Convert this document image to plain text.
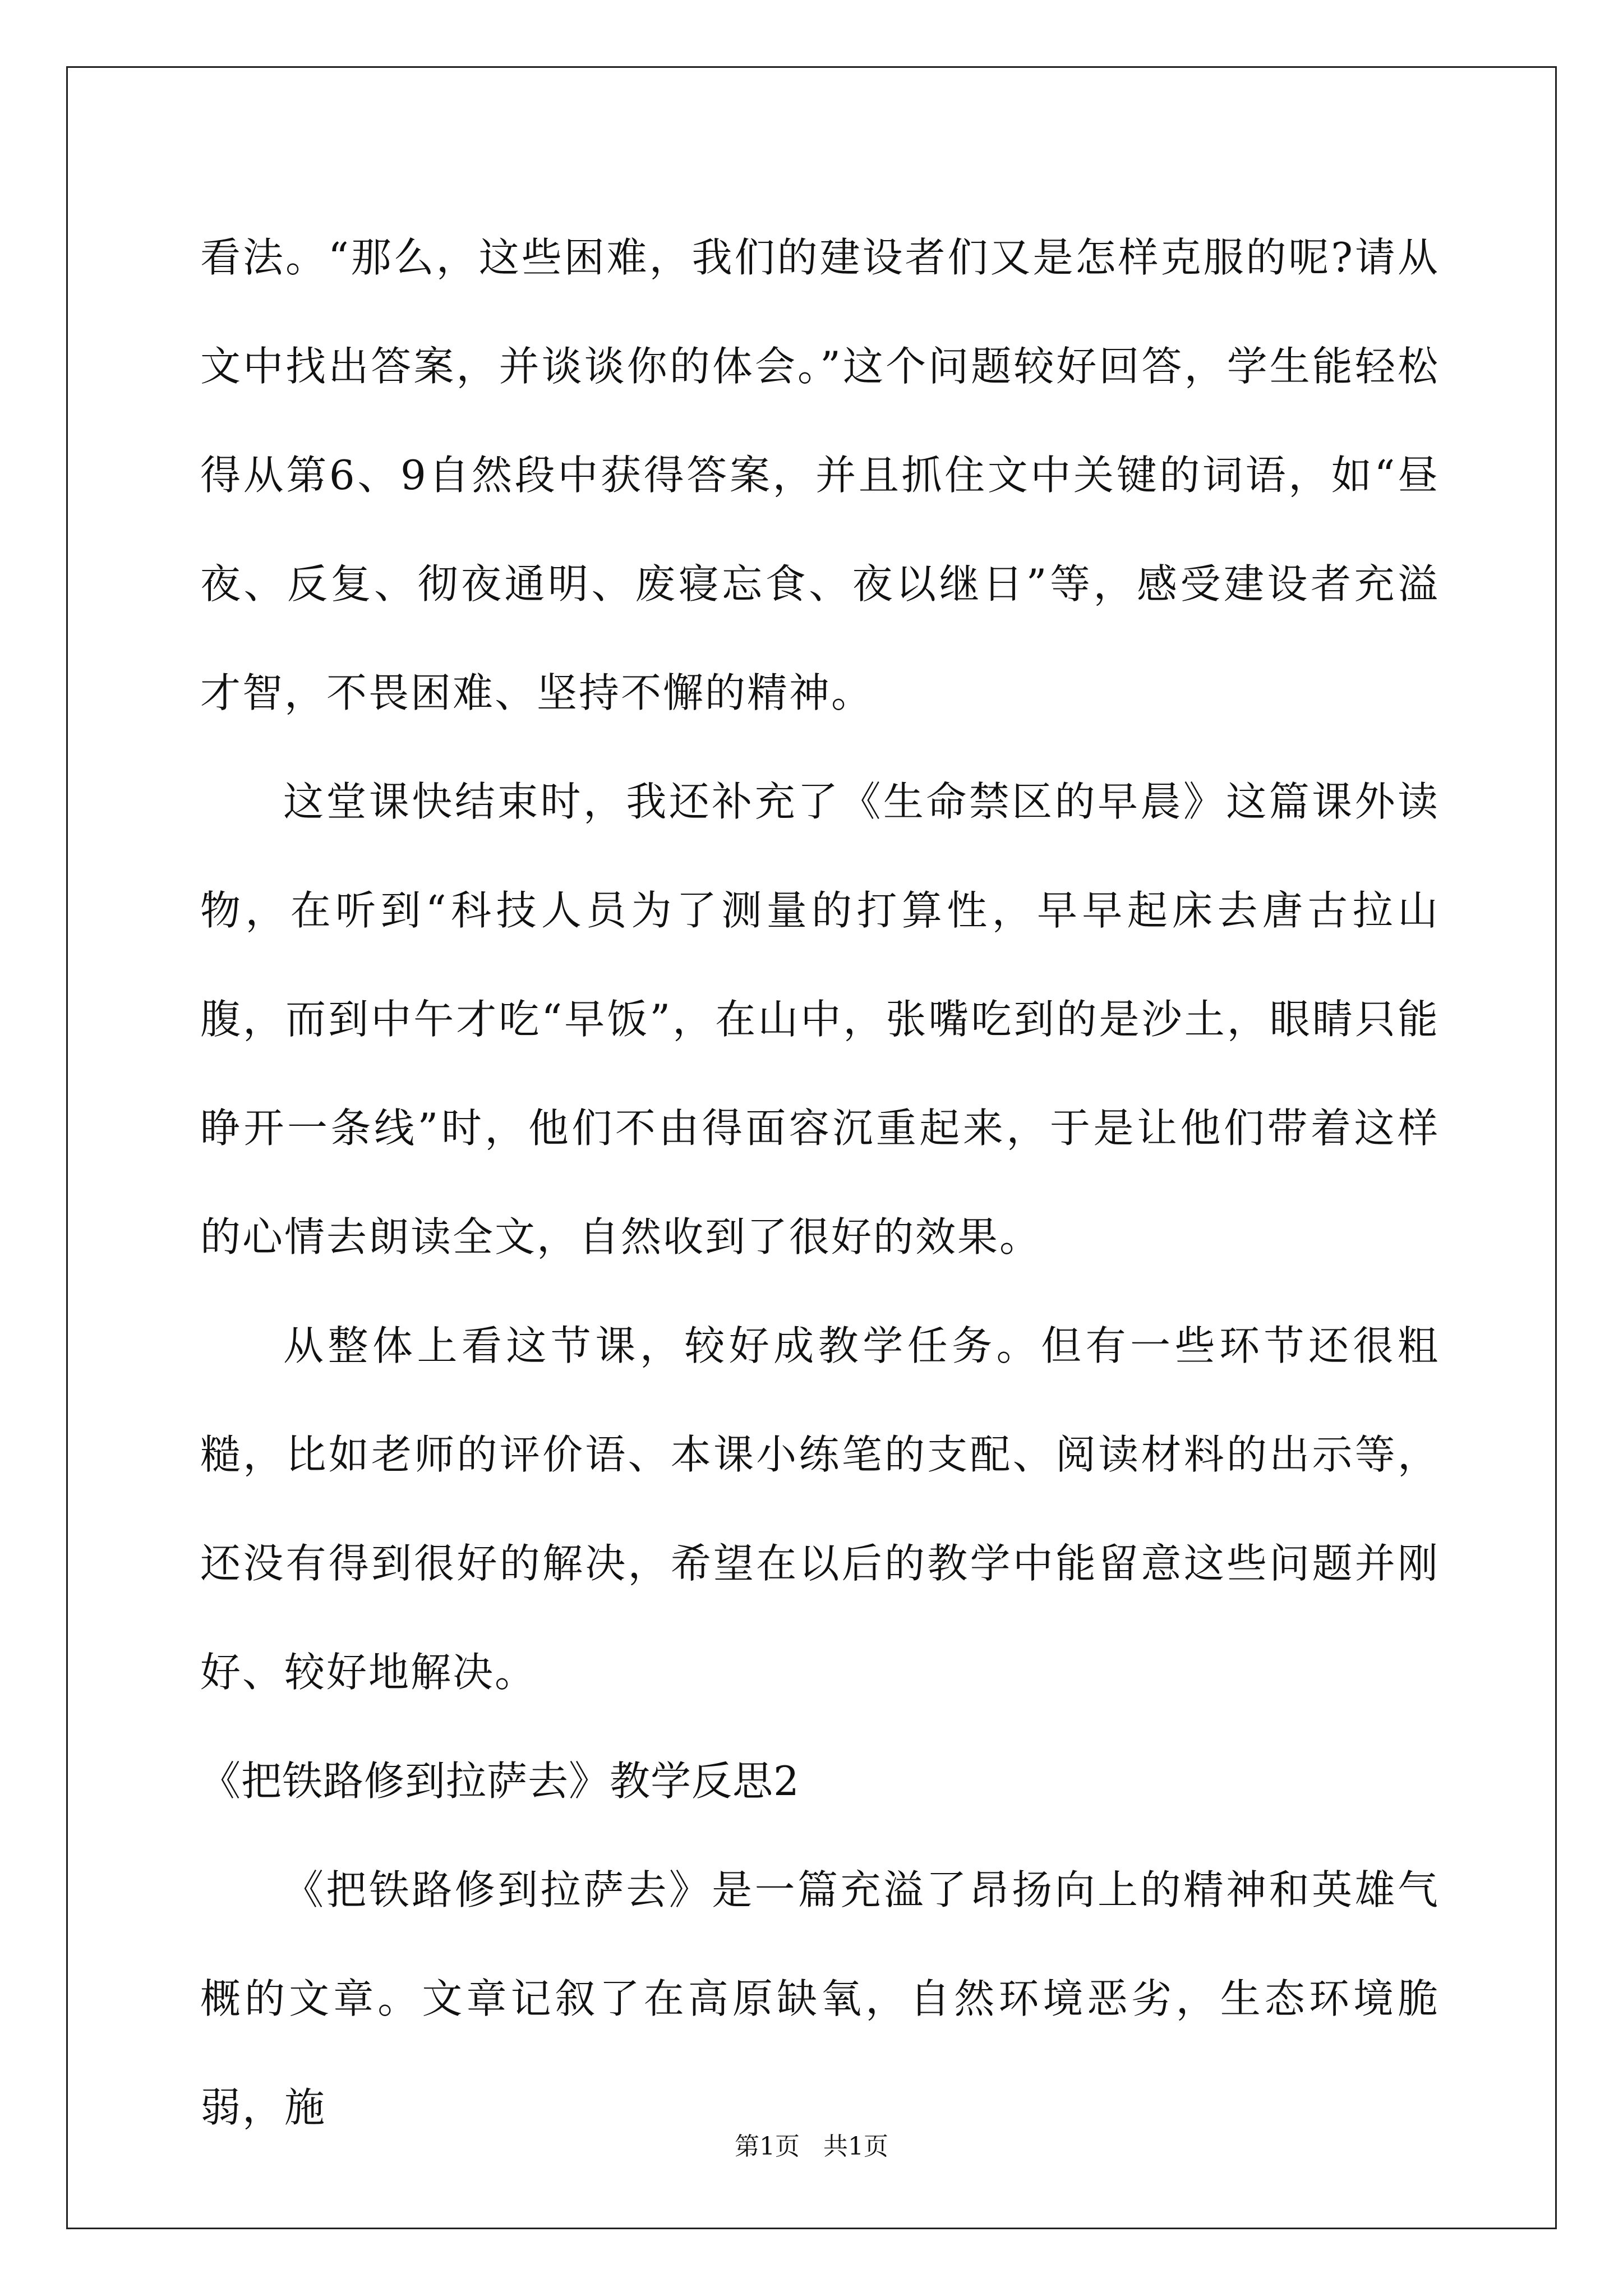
看法。“那么，这些困难，我们的建设者们又是怎样克服的呢?请从文中找出答案，并谈谈你的体会。”这个问题较好回答，学生能轻松得从第6、9自然段中获得答案，并且抓住文中关键的词语，如“昼夜、反复、彻夜通明、废寝忘食、夜以继日”等，感受建设者充溢才智，不畏困难、坚持不懈的精神。

这堂课快结束时，我还补充了《生命禁区的早晨》这篇课外读物，在听到“科技人员为了测量的打算性，早早起床去唐古拉山腹，而到中午才吃“早饭”，在山中，张嘴吃到的是沙土，眼睛只能睁开一条线”时，他们不由得面容沉重起来，于是让他们带着这样的心情去朗读全文，自然收到了很好的效果。

从整体上看这节课，较好成教学任务。但有一些环节还很粗糙，比如老师的评价语、本课小练笔的支配、阅读材料的出示等，还没有得到很好的解决，希望在以后的教学中能留意这些问题并刚好、较好地解决。

《把铁路修到拉萨去》教学反思2

《把铁路修到拉萨去》是一篇充溢了昂扬向上的精神和英雄气概的文章。文章记叙了在高原缺氧，自然环境恶劣，生态环境脆弱，施

第1页 共1页
